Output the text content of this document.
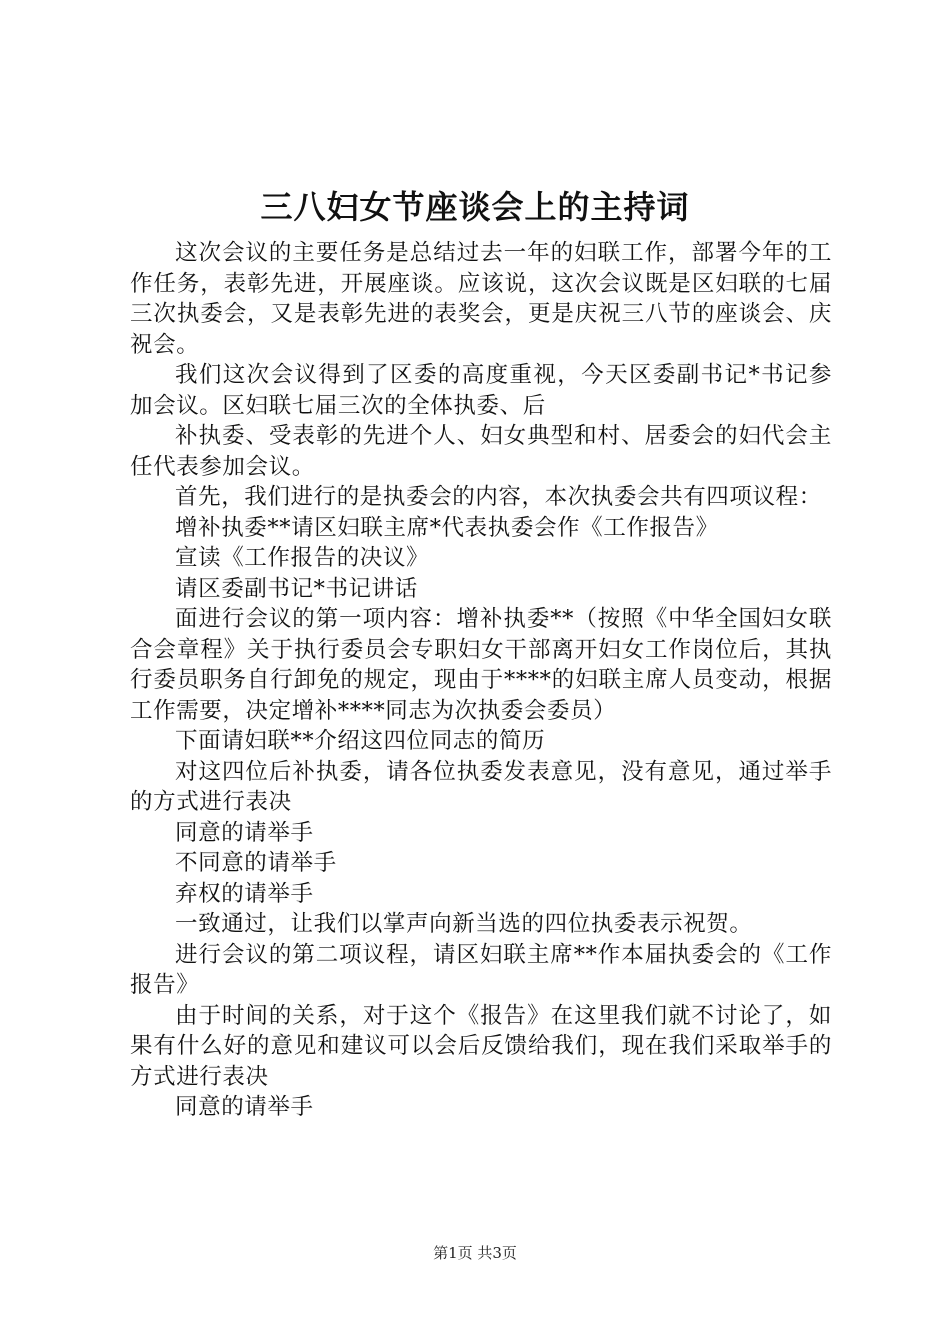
三八妇女节座谈会上的主持词

这次会议的主要任务是总结过去一年的妇联工作，部署今年的工作任务，表彰先进，开展座谈。应该说，这次会议既是区妇联的七届三次执委会，又是表彰先进的表奖会，更是庆祝三八节的座谈会、庆祝会。

我们这次会议得到了区委的高度重视，今天区委副书记*书记参加会议。区妇联七届三次的全体执委、后

补执委、受表彰的先进个人、妇女典型和村、居委会的妇代会主任代表参加会议。

首先，我们进行的是执委会的内容，本次执委会共有四项议程：

增补执委**请区妇联主席*代表执委会作《工作报告》

宣读《工作报告的决议》

请区委副书记*书记讲话

面进行会议的第一项内容：增补执委**（按照《中华全国妇女联合会章程》关于执行委员会专职妇女干部离开妇女工作岗位后，其执行委员职务自行卸免的规定，现由于****的妇联主席人员变动，根据工作需要，决定增补****同志为次执委会委员）

下面请妇联**介绍这四位同志的简历

对这四位后补执委，请各位执委发表意见，没有意见，通过举手的方式进行表决

同意的请举手

不同意的请举手

弃权的请举手

一致通过，让我们以掌声向新当选的四位执委表示祝贺。

进行会议的第二项议程，请区妇联主席**作本届执委会的《工作报告》

由于时间的关系，对于这个《报告》在这里我们就不讨论了，如果有什么好的意见和建议可以会后反馈给我们，现在我们采取举手的方式进行表决

同意的请举手

第1页 共3页
